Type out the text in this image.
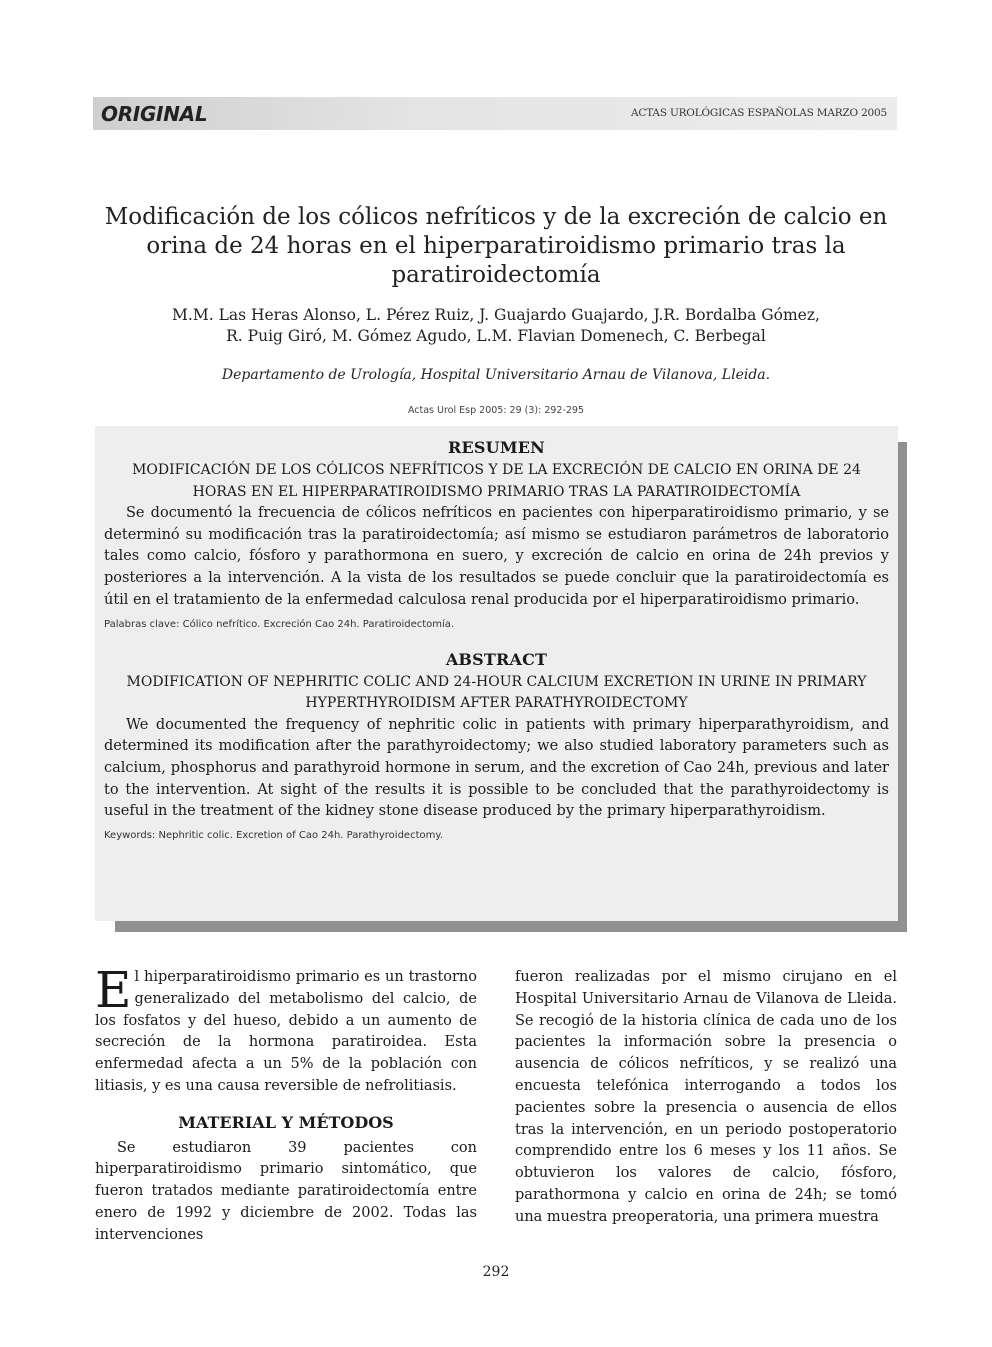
ORIGINAL	ACTAS UROLÓGICAS ESPAÑOLAS MARZO 2005
Modificación de los cólicos nefríticos y de la excreción de calcio en orina de 24 horas en el hiperparatiroidismo primario tras la paratiroidectomía
M.M. Las Heras Alonso, L. Pérez Ruiz, J. Guajardo Guajardo, J.R. Bordalba Gómez,
R. Puig Giró, M. Gómez Agudo, L.M. Flavian Domenech, C. Berbegal
Departamento de Urología, Hospital Universitario Arnau de Vilanova, Lleida.
Actas Urol Esp 2005: 29 (3): 292-295
RESUMEN

MODIFICACIÓN DE LOS CÓLICOS NEFRÍTICOS Y DE LA EXCRECIÓN DE CALCIO EN ORINA DE 24 HORAS EN EL HIPERPARATIROIDISMO PRIMARIO TRAS LA PARATIROIDECTOMÍA

Se documentó la frecuencia de cólicos nefríticos en pacientes con hiperparatiroidismo primario, y se determinó su modificación tras la paratiroidectomía; así mismo se estudiaron parámetros de laboratorio tales como calcio, fósforo y parathormona en suero, y excreción de calcio en orina de 24h previos y posteriores a la intervención. A la vista de los resultados se puede concluir que la paratiroidectomía es útil en el tratamiento de la enfermedad calculosa renal producida por el hiperparatiroidismo primario.

Palabras clave: Cólico nefrítico. Excreción Cao 24h. Paratiroidectomía.

ABSTRACT

MODIFICATION OF NEPHRITIC COLIC AND 24-HOUR CALCIUM EXCRETION IN URINE IN PRIMARY HYPERTHYROIDISM AFTER PARATHYROIDECTOMY

We documented the frequency of nephritic colic in patients with primary hiperparathyroidism, and determined its modification after the parathyroidectomy; we also studied laboratory parameters such as calcium, phosphorus and parathyroid hormone in serum, and the excretion of Cao 24h, previous and later to the intervention. At sight of the results it is possible to be concluded that the parathyroidectomy is useful in the treatment of the kidney stone disease produced by the primary hiperparathyroidism.

Keywords: Nephritic colic. Excretion of Cao 24h. Parathyroidectomy.

El hiperparatiroidismo primario es un trastorno generalizado del metabolismo del calcio, de los fosfatos y del hueso, debido a un aumento de secreción de la hormona paratiroidea. Esta enfermedad afecta a un 5% de la población con litiasis, y es una causa reversible de nefrolitiasis.

MATERIAL Y MÉTODOS

Se estudiaron 39 pacientes con hiperparatiroidismo primario sintomático, que fueron tratados mediante paratiroidectomía entre enero de 1992 y diciembre de 2002. Todas las intervenciones

fueron realizadas por el mismo cirujano en el Hospital Universitario Arnau de Vilanova de Lleida. Se recogió de la historia clínica de cada uno de los pacientes la información sobre la presencia o ausencia de cólicos nefríticos, y se realizó una encuesta telefónica interrogando a todos los pacientes sobre la presencia o ausencia de ellos tras la intervención, en un periodo postoperatorio comprendido entre los 6 meses y los 11 años. Se obtuvieron los valores de calcio, fósforo, parathormona y calcio en orina de 24h; se tomó una muestra preoperatoria, una primera muestra

292
